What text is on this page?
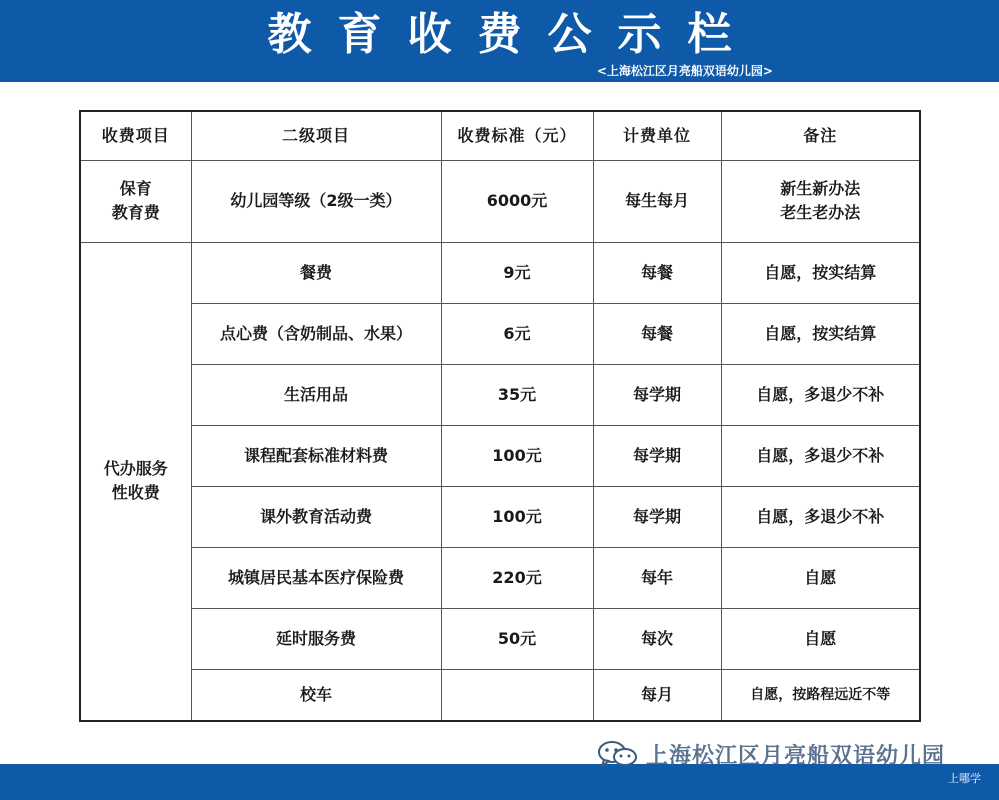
教育收费公示栏
<上海松江区月亮船双语幼儿园>
收费项目	二级项目	收费标准（元）	计费单位	备注
保育
教育费	幼儿园等级（2级一类）	6000元	每生每月	新生新办法
老生老办法
代办服务
性收费	餐费	9元	每餐	自愿，按实结算
	点心费（含奶制品、水果）	6元	每餐	自愿，按实结算
	生活用品	35元	每学期	自愿，多退少不补
	课程配套标准材料费	100元	每学期	自愿，多退少不补
	课外教育活动费	100元	每学期	自愿，多退少不补
	城镇居民基本医疗保险费	220元	每年	自愿
	延时服务费	50元	每次	自愿
	校车		每月	自愿，按路程远近不等
上海松江区月亮船双语幼儿园
上哪学
